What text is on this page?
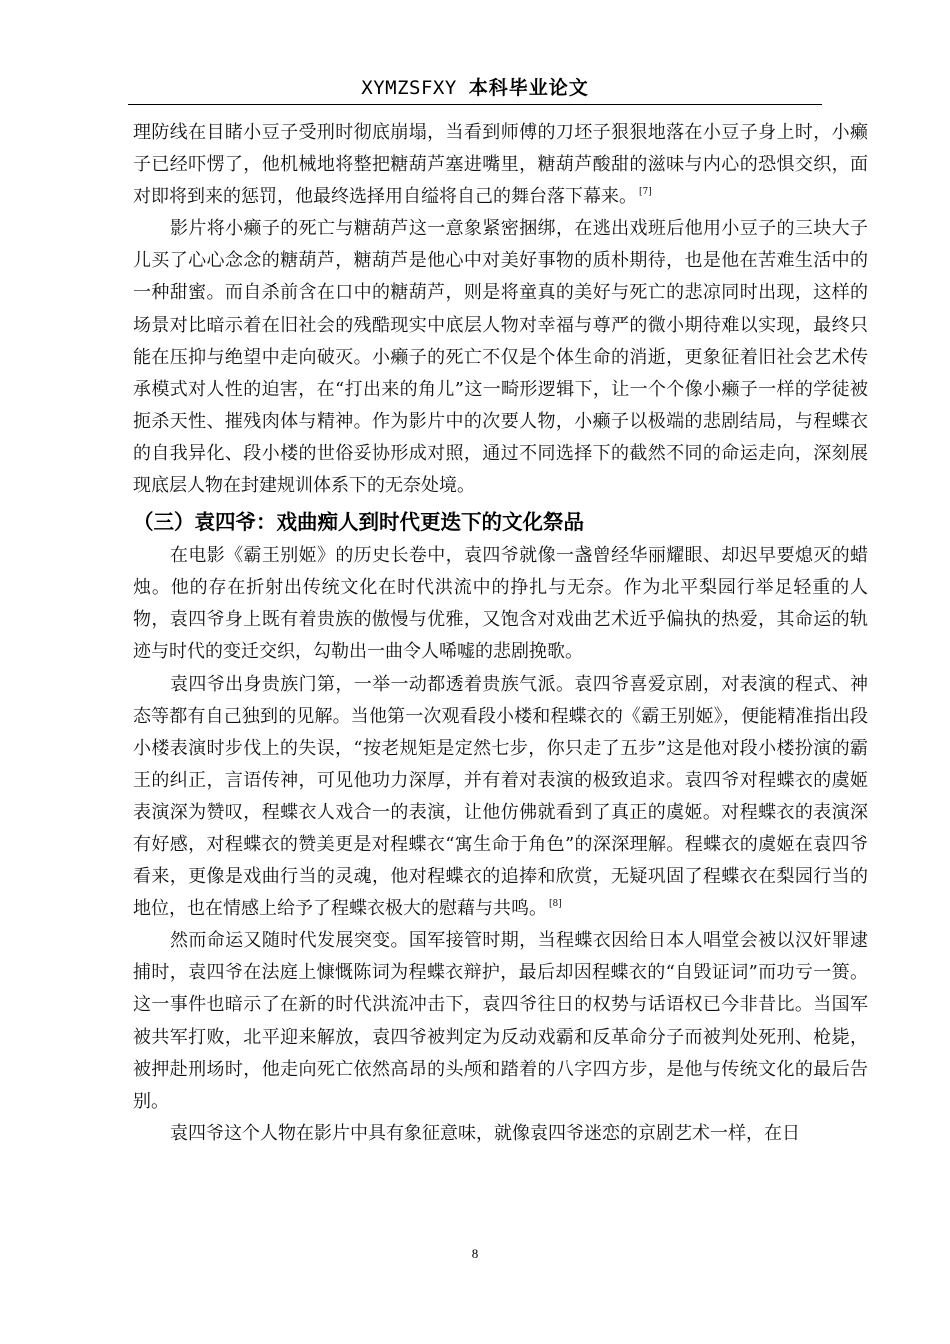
XYMZSFXY 本科毕业论文

理防线在目睹小豆子受刑时彻底崩塌，当看到师傅的刀坯子狠狠地落在小豆子身上时，小癞子已经吓愣了，他机械地将整把糖葫芦塞进嘴里，糖葫芦酸甜的滋味与内心的恐惧交织，面对即将到来的惩罚，他最终选择用自缢将自己的舞台落下幕来。 [7]

影片将小癞子的死亡与糖葫芦这一意象紧密捆绑，在逃出戏班后他用小豆子的三块大子儿买了心心念念的糖葫芦，糖葫芦是他心中对美好事物的质朴期待，也是他在苦难生活中的一种甜蜜。而自杀前含在口中的糖葫芦，则是将童真的美好与死亡的悲凉同时出现，这样的场景对比暗示着在旧社会的残酷现实中底层人物对幸福与尊严的微小期待难以实现，最终只能在压抑与绝望中走向破灭。小癞子的死亡不仅是个体生命的消逝，更象征着旧社会艺术传承模式对人性的迫害，在“打出来的角儿”这一畸形逻辑下，让一个个像小癞子一样的学徒被扼杀天性、摧残肉体与精神。作为影片中的次要人物，小癞子以极端的悲剧结局，与程蝶衣的自我异化、段小楼的世俗妥协形成对照，通过不同选择下的截然不同的命运走向，深刻展现底层人物在封建规训体系下的无奈处境。

（三）袁四爷：戏曲痴人到时代更迭下的文化祭品

在电影《霸王别姬》的历史长卷中，袁四爷就像一盏曾经华丽耀眼、却迟早要熄灭的蜡烛。他的存在折射出传统文化在时代洪流中的挣扎与无奈。作为北平梨园行举足轻重的人物，袁四爷身上既有着贵族的傲慢与优雅，又饱含对戏曲艺术近乎偏执的热爱，其命运的轨迹与时代的变迁交织，勾勒出一曲令人唏嘘的悲剧挽歌。

袁四爷出身贵族门第，一举一动都透着贵族气派。袁四爷喜爱京剧，对表演的程式、神态等都有自己独到的见解。当他第一次观看段小楼和程蝶衣的《霸王别姬》，便能精准指出段小楼表演时步伐上的失误，“按老规矩是定然七步，你只走了五步”这是他对段小楼扮演的霸王的纠正，言语传神，可见他功力深厚，并有着对表演的极致追求。袁四爷对程蝶衣的虞姬表演深为赞叹，程蝶衣人戏合一的表演，让他仿佛就看到了真正的虞姬。对程蝶衣的表演深有好感，对程蝶衣的赞美更是对程蝶衣“寓生命于角色”的深深理解。程蝶衣的虞姬在袁四爷看来，更像是戏曲行当的灵魂，他对程蝶衣的追捧和欣赏，无疑巩固了程蝶衣在梨园行当的地位，也在情感上给予了程蝶衣极大的慰藉与共鸣。 [8]

然而命运又随时代发展突变。国军接管时期，当程蝶衣因给日本人唱堂会被以汉奸罪逮捕时，袁四爷在法庭上慷慨陈词为程蝶衣辩护，最后却因程蝶衣的“自毁证词”而功亏一篑。这一事件也暗示了在新的时代洪流冲击下，袁四爷往日的权势与话语权已今非昔比。当国军被共军打败，北平迎来解放，袁四爷被判定为反动戏霸和反革命分子而被判处死刑、枪毙，被押赴刑场时，他走向死亡依然高昂的头颅和踏着的八字四方步，是他与传统文化的最后告别。

袁四爷这个人物在影片中具有象征意味，就像袁四爷迷恋的京剧艺术一样，在日

8
